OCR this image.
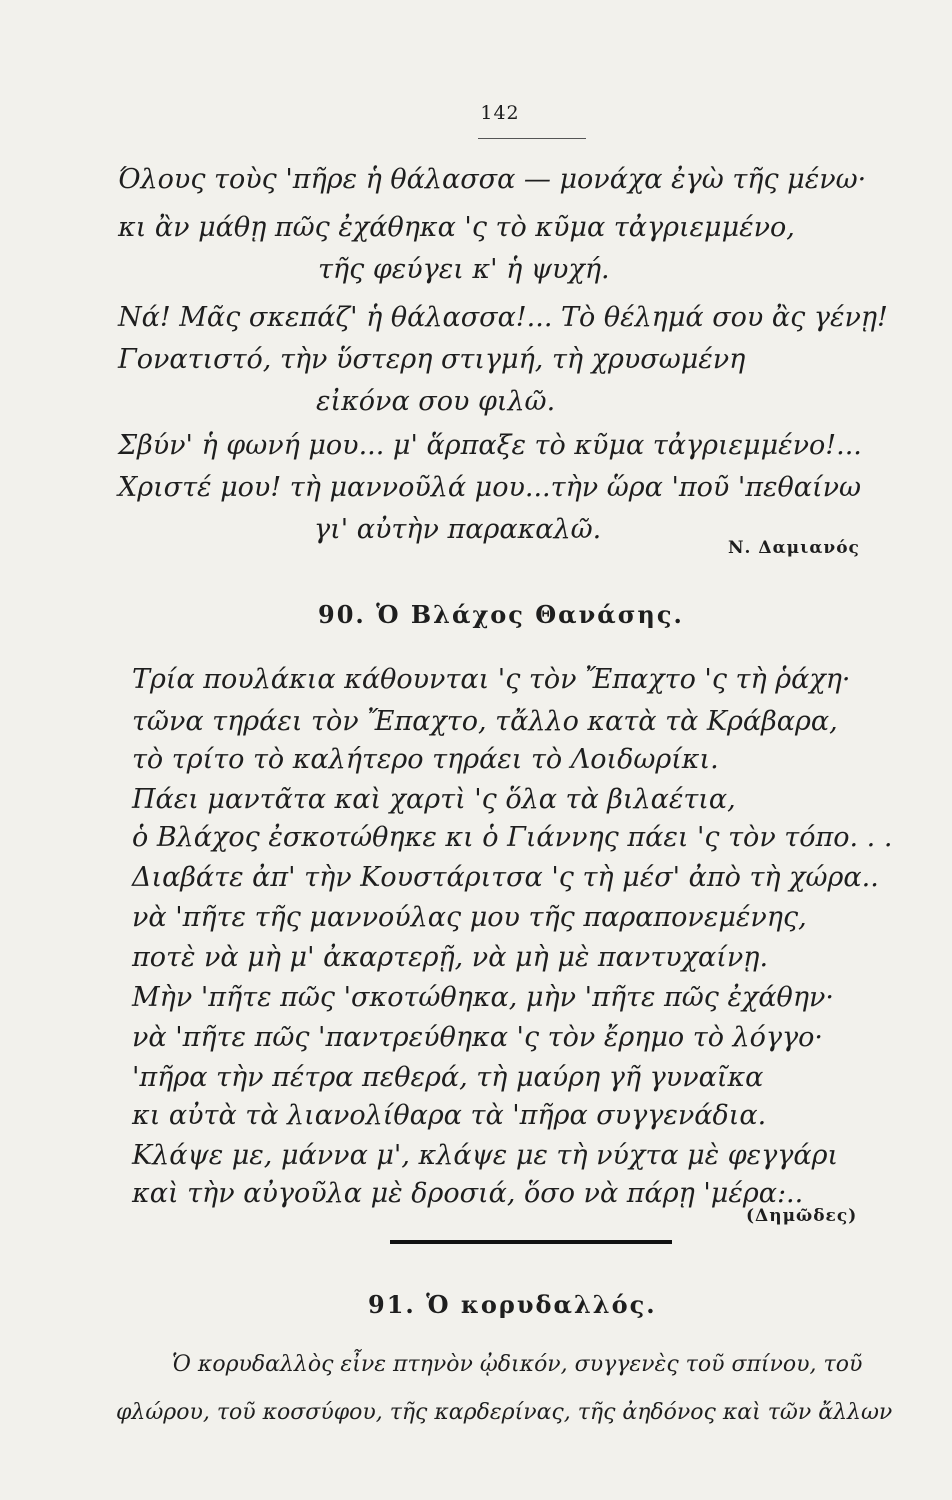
142
Όλους τοὺς 'πῆρε ἡ θάλασσα — μονάχα ἐγὼ τῆς μένω·
κι ἂν μάθῃ πῶς ἐχάθηκα 'ς τὸ κῦμα τἀγριεμμένο,
τῆς φεύγει κ' ἡ ψυχή.
Νά! Μᾶς σκεπάζ' ἡ θάλασσα!... Τὸ θέλημά σου ἂς γένῃ!
Γονατιστό, τὴν ὕστερη στιγμή, τὴ χρυσωμένη
εἰκόνα σου φιλῶ.
Σβύν' ἡ φωνή μου... μ' ἅρπαξε τὸ κῦμα τἀγριεμμένο!...
Χριστέ μου! τὴ μαννοῦλά μου...τὴν ὥρα 'ποῦ 'πεθαίνω
γι' αὐτὴν παρακαλῶ.
Ν. Δαμιανός
90. Ὁ Βλάχος Θανάσης.
Τρία πουλάκια κάθουνται 'ς τὸν Ἔπαχτο 'ς τὴ ῥάχη·
τῶνα τηράει τὸν Ἔπαχτο, τἄλλο κατὰ τὰ Κράβαρα,
τὸ τρίτο τὸ καλήτερο τηράει τὸ Λοιδωρίκι.
Πάει μαντᾶτα καὶ χαρτὶ 'ς ὅλα τὰ βιλαέτια,
ὁ Βλάχος ἐσκοτώθηκε κι ὁ Γιάννης πάει 'ς τὸν τόπο. . .
Διαβάτε ἀπ' τὴν Κουστάριτσα 'ς τὴ μέσ' ἀπὸ τὴ χώρα..
νὰ 'πῆτε τῆς μαννούλας μου τῆς παραπονεμένης,
ποτὲ νὰ μὴ μ' ἀκαρτερῇ, νὰ μὴ μὲ παντυχαίνῃ.
Μὴν 'πῆτε πῶς 'σκοτώθηκα, μὴν 'πῆτε πῶς ἐχάθην·
νὰ 'πῆτε πῶς 'παντρεύθηκα 'ς τὸν ἔρημο τὸ λόγγο·
'πῆρα τὴν πέτρα πεθερά, τὴ μαύρη γῆ γυναῖκα
κι αὐτὰ τὰ λιανολίθαρα τὰ 'πῆρα συγγενάδια.
Κλάψε με, μάννα μ', κλάψε με τὴ νύχτα μὲ φεγγάρι
καὶ τὴν αὐγοῦλα μὲ δροσιά, ὅσο νὰ πάρῃ 'μέρα:..
(Δημῶδες)
91. Ὁ κορυδαλλός.
Ὁ κορυδαλλὸς εἶνε πτηνὸν ᾠδικόν, συγγενὲς τοῦ σπίνου, τοῦ
φλώρου, τοῦ κοσσύφου, τῆς καρδερίνας, τῆς ἀηδόνος καὶ τῶν ἄλλων
